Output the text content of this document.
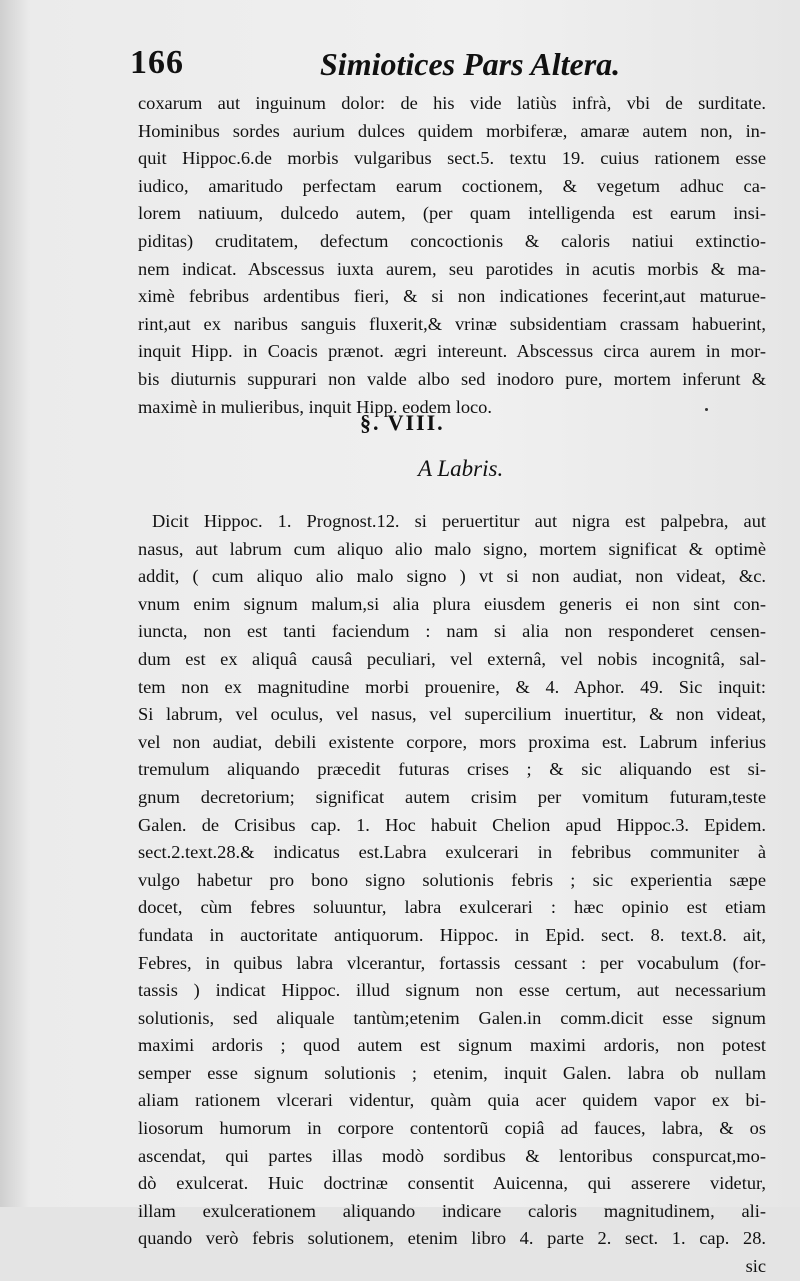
166	Simiotices Pars Altera.
coxarum aut inguinum dolor: de his vide latiùs infrà, vbi de surditate.
Hominibus sordes aurium dulces quidem morbiferæ, amaræ autem non, in-
quit Hippoc.6.de morbis vulgaribus sect.5. textu 19. cuius rationem esse
iudico, amaritudo perfectam earum coctionem, & vegetum adhuc ca-
lorem natiuum, dulcedo autem, (per quam intelligenda est earum insi-
piditas) cruditatem, defectum concoctionis & caloris natiui extinctio-
nem indicat. Abscessus iuxta aurem, seu parotides in acutis morbis & ma-
ximè febribus ardentibus fieri, & si non indicationes fecerint,aut maturue-
rint,aut ex naribus sanguis fluxerit,& vrinæ subsidentiam crassam habuerint,
inquit Hipp. in Coacis prænot. ægri intereunt. Abscessus circa aurem in mor-
bis diuturnis suppurari non valde albo sed inodoro pure, mortem inferunt &
maximè in mulieribus, inquit Hipp. eodem loco.
§. VIII.
A Labris.
Dicit Hippoc. 1. Prognost.12. si peruertitur aut nigra est palpebra, aut
nasus, aut labrum cum aliquo alio malo signo, mortem significat & optimè
addit, ( cum aliquo alio malo signo ) vt si non audiat, non videat, &c.
vnum enim signum malum,si alia plura eiusdem generis ei non sint con-
iuncta, non est tanti faciendum : nam si alia non responderet censen-
dum est ex aliquâ causâ peculiari, vel externâ, vel nobis incognitâ, sal-
tem non ex magnitudine morbi prouenire, & 4. Aphor. 49. Sic inquit:
Si labrum, vel oculus, vel nasus, vel supercilium inuertitur, & non videat,
vel non audiat, debili existente corpore, mors proxima est. Labrum inferius
tremulum aliquando præcedit futuras crises ; & sic aliquando est si-
gnum decretorium; significat autem crisim per vomitum futuram,teste
Galen. de Crisibus cap. 1. Hoc habuit Chelion apud Hippoc.3. Epidem.
sect.2.text.28.& indicatus est.Labra exulcerari in febribus communiter à
vulgo habetur pro bono signo solutionis febris ; sic experientia sæpe
docet, cùm febres soluuntur, labra exulcerari : hæc opinio est etiam
fundata in auctoritate antiquorum. Hippoc. in Epid. sect. 8. text.8. ait,
Febres, in quibus labra vlcerantur, fortassis cessant : per vocabulum (for-
tassis ) indicat Hippoc. illud signum non esse certum, aut necessarium
solutionis, sed aliquale tantùm;etenim Galen.in comm.dicit esse signum
maximi ardoris ; quod autem est signum maximi ardoris, non potest
semper esse signum solutionis ; etenim, inquit Galen. labra ob nullam
aliam rationem vlcerari videntur, quàm quia acer quidem vapor ex bi-
liosorum humorum in corpore contentorũ copiâ ad fauces, labra, & os
ascendat, qui partes illas modò sordibus & lentoribus conspurcat,mo-
dò exulcerat. Huic doctrinæ consentit Auicenna, qui asserere videtur,
illam exulcerationem aliquando indicare caloris magnitudinem, ali-
quando verò febris solutionem, etenim libro 4. parte 2. sect. 1. cap. 28.
sic
